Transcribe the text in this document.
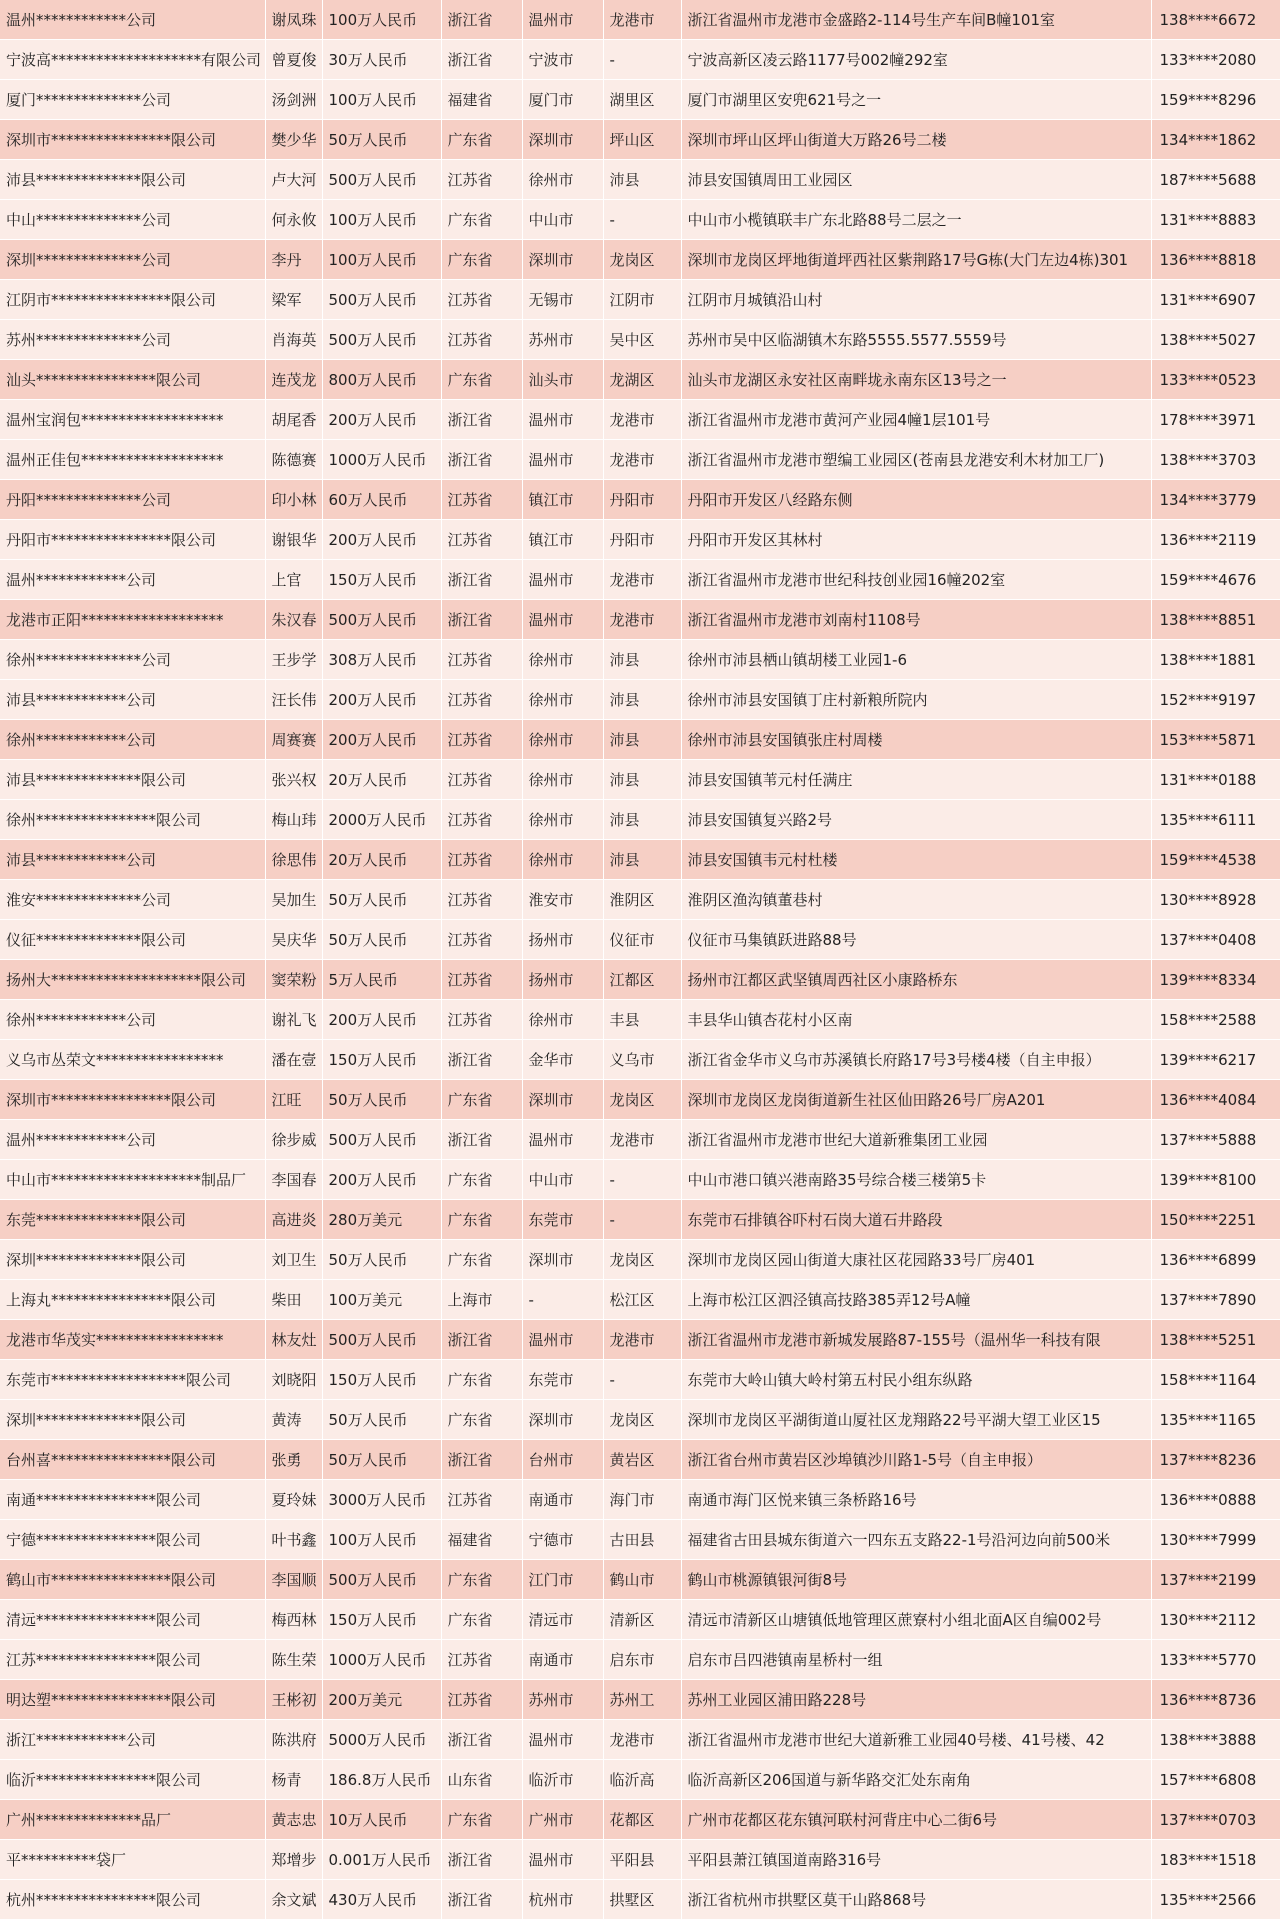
温州************公司	谢凤珠	100万人民币	浙江省	温州市	龙港市	浙江省温州市龙港市金盛路2-114号生产车间B幢101室	138****6672
宁波高********************有限公司	曾夏俊	30万人民币	浙江省	宁波市	-	宁波高新区凌云路1177号002幢292室	133****2080
厦门**************公司	汤剑洲	100万人民币	福建省	厦门市	湖里区	厦门市湖里区安兜621号之一	159****8296
深圳市****************限公司	樊少华	50万人民币	广东省	深圳市	坪山区	深圳市坪山区坪山街道大万路26号二楼	134****1862
沛县**************限公司	卢大河	500万人民币	江苏省	徐州市	沛县	沛县安国镇周田工业园区	187****5688
中山**************公司	何永攸	100万人民币	广东省	中山市	-	中山市小榄镇联丰广东北路88号二层之一	131****8883
深圳**************公司	李丹	100万人民币	广东省	深圳市	龙岗区	深圳市龙岗区坪地街道坪西社区紫荆路17号G栋(大门左边4栋)301	136****8818
江阴市****************限公司	梁军	500万人民币	江苏省	无锡市	江阴市	江阴市月城镇沿山村	131****6907
苏州**************公司	肖海英	500万人民币	江苏省	苏州市	吴中区	苏州市吴中区临湖镇木东路5555.5577.5559号	138****5027
汕头****************限公司	连茂龙	800万人民币	广东省	汕头市	龙湖区	汕头市龙湖区永安社区南畔垅永南东区13号之一	133****0523
温州宝润包*******************	胡尾香	200万人民币	浙江省	温州市	龙港市	浙江省温州市龙港市黄河产业园4幢1层101号	178****3971
温州正佳包*******************	陈德赛	1000万人民币	浙江省	温州市	龙港市	浙江省温州市龙港市塑编工业园区(苍南县龙港安利木材加工厂)	138****3703
丹阳**************公司	印小林	60万人民币	江苏省	镇江市	丹阳市	丹阳市开发区八经路东侧	134****3779
丹阳市****************限公司	谢银华	200万人民币	江苏省	镇江市	丹阳市	丹阳市开发区其林村	136****2119
温州************公司	上官	150万人民币	浙江省	温州市	龙港市	浙江省温州市龙港市世纪科技创业园16幢202室	159****4676
龙港市正阳*******************	朱汉春	500万人民币	浙江省	温州市	龙港市	浙江省温州市龙港市刘南村1108号	138****8851
徐州**************公司	王步学	308万人民币	江苏省	徐州市	沛县	徐州市沛县栖山镇胡楼工业园1-6	138****1881
沛县************公司	汪长伟	200万人民币	江苏省	徐州市	沛县	徐州市沛县安国镇丁庄村新粮所院内	152****9197
徐州************公司	周赛赛	200万人民币	江苏省	徐州市	沛县	徐州市沛县安国镇张庄村周楼	153****5871
沛县**************限公司	张兴权	20万人民币	江苏省	徐州市	沛县	沛县安国镇苇元村任满庄	131****0188
徐州****************限公司	梅山玮	2000万人民币	江苏省	徐州市	沛县	沛县安国镇复兴路2号	135****6111
沛县************公司	徐思伟	20万人民币	江苏省	徐州市	沛县	沛县安国镇韦元村杜楼	159****4538
淮安**************公司	吴加生	50万人民币	江苏省	淮安市	淮阴区	淮阴区渔沟镇董巷村	130****8928
仪征**************限公司	吴庆华	50万人民币	江苏省	扬州市	仪征市	仪征市马集镇跃进路88号	137****0408
扬州大********************限公司	窦荣粉	5万人民币	江苏省	扬州市	江都区	扬州市江都区武坚镇周西社区小康路桥东	139****8334
徐州************公司	谢礼飞	200万人民币	江苏省	徐州市	丰县	丰县华山镇杏花村小区南	158****2588
义乌市丛荣文*****************	潘在壹	150万人民币	浙江省	金华市	义乌市	浙江省金华市义乌市苏溪镇长府路17号3号楼4楼（自主申报）	139****6217
深圳市****************限公司	江旺	50万人民币	广东省	深圳市	龙岗区	深圳市龙岗区龙岗街道新生社区仙田路26号厂房A201	136****4084
温州************公司	徐步威	500万人民币	浙江省	温州市	龙港市	浙江省温州市龙港市世纪大道新雅集团工业园	137****5888
中山市********************制品厂	李国春	200万人民币	广东省	中山市	-	中山市港口镇兴港南路35号综合楼三楼第5卡	139****8100
东莞**************限公司	高进炎	280万美元	广东省	东莞市	-	东莞市石排镇谷吓村石岗大道石井路段	150****2251
深圳**************限公司	刘卫生	50万人民币	广东省	深圳市	龙岗区	深圳市龙岗区园山街道大康社区花园路33号厂房401	136****6899
上海丸****************限公司	柴田	100万美元	上海市	-	松江区	上海市松江区泗泾镇高技路385弄12号A幢	137****7890
龙港市华茂实*****************	林友灶	500万人民币	浙江省	温州市	龙港市	浙江省温州市龙港市新城发展路87-155号（温州华一科技有限	138****5251
东莞市******************限公司	刘晓阳	150万人民币	广东省	东莞市	-	东莞市大岭山镇大岭村第五村民小组东纵路	158****1164
深圳**************限公司	黄涛	50万人民币	广东省	深圳市	龙岗区	深圳市龙岗区平湖街道山厦社区龙翔路22号平湖大望工业区15	135****1165
台州喜****************限公司	张勇	50万人民币	浙江省	台州市	黄岩区	浙江省台州市黄岩区沙埠镇沙川路1-5号（自主申报）	137****8236
南通****************限公司	夏玲妹	3000万人民币	江苏省	南通市	海门市	南通市海门区悦来镇三条桥路16号	136****0888
宁德****************限公司	叶书鑫	100万人民币	福建省	宁德市	古田县	福建省古田县城东街道六一四东五支路22-1号沿河边向前500米	130****7999
鹤山市****************限公司	李国顺	500万人民币	广东省	江门市	鹤山市	鹤山市桃源镇银河街8号	137****2199
清远****************限公司	梅西林	150万人民币	广东省	清远市	清新区	清远市清新区山塘镇低地管理区蔗寮村小组北面A区自编002号	130****2112
江苏****************限公司	陈生荣	1000万人民币	江苏省	南通市	启东市	启东市吕四港镇南星桥村一组	133****5770
明达塑****************限公司	王彬初	200万美元	江苏省	苏州市	苏州工	苏州工业园区浦田路228号	136****8736
浙江************公司	陈洪府	5000万人民币	浙江省	温州市	龙港市	浙江省温州市龙港市世纪大道新雅工业园40号楼、41号楼、42	138****3888
临沂****************限公司	杨青	186.8万人民币	山东省	临沂市	临沂高	临沂高新区206国道与新华路交汇处东南角	157****6808
广州**************品厂	黄志忠	10万人民币	广东省	广州市	花都区	广州市花都区花东镇河联村河背庄中心二街6号	137****0703
平**********袋厂	郑增步	0.001万人民币	浙江省	温州市	平阳县	平阳县萧江镇国道南路316号	183****1518
杭州****************限公司	余文斌	430万人民币	浙江省	杭州市	拱墅区	浙江省杭州市拱墅区莫干山路868号	135****2566
